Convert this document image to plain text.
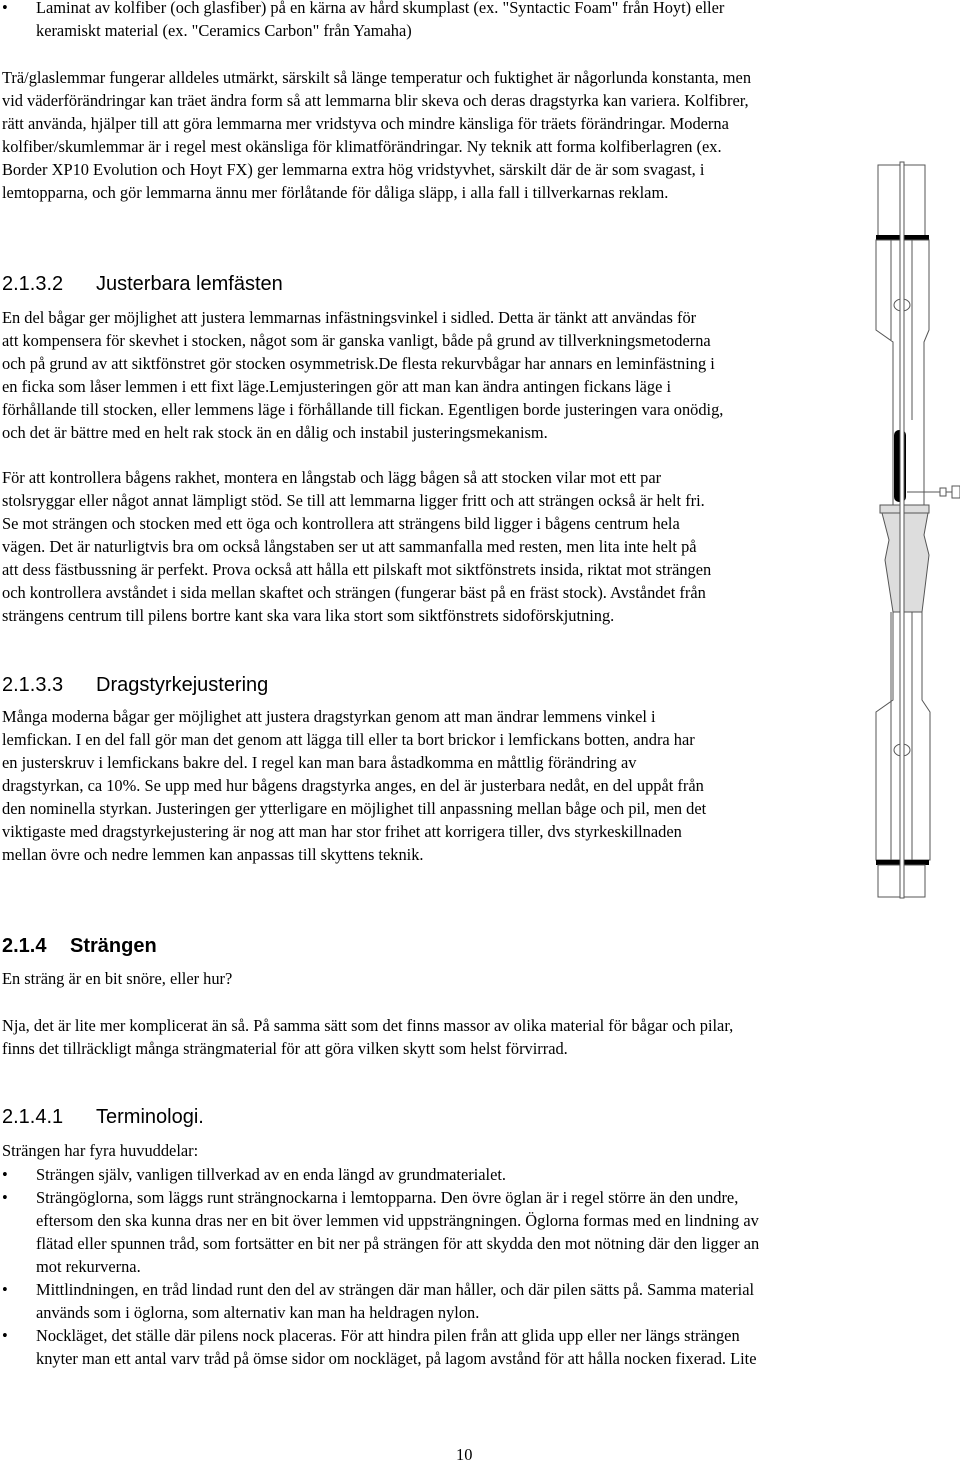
• Laminat av kolfiber (och glasfiber) på en kärna av hård skumplast (ex. "Syntactic Foam" från Hoyt) eller
keramiskt material (ex. "Ceramics Carbon" från Yamaha)
Trä/glaslemmar fungerar alldeles utmärkt, särskilt så länge temperatur och fuktighet är någorlunda konstanta, men
vid väderförändringar kan träet ändra form så att lemmarna blir skeva och deras dragstyrka kan variera. Kolfibrer,
rätt använda, hjälper till att göra lemmarna mer vridstyva och mindre känsliga för träets förändringar. Moderna
kolfiber/skumlemmar är i regel mest okänsliga för klimatförändringar. Ny teknik att forma kolfiberlagren (ex.
Border XP10 Evolution och Hoyt FX) ger lemmarna extra hög vridstyvhet, särskilt där de är som svagast, i
lemtopparna, och gör lemmarna ännu mer förlåtande för dåliga släpp, i alla fall i tillverkarnas reklam.
2.1.3.2 Justerbara lemfästen
En del bågar ger möjlighet att justera lemmarnas infästningsvinkel i sidled. Detta är tänkt att användas för
att kompensera för skevhet i stocken, något som är ganska vanligt, både på grund av tillverkningsmetoderna
och på grund av att siktfönstret gör stocken osymmetrisk.De flesta rekurvbågar har annars en leminfästning i
en ficka som låser lemmen i ett fixt läge.Lemjusteringen gör att man kan ändra antingen fickans läge i
förhållande till stocken, eller lemmens läge i förhållande till fickan. Egentligen borde justeringen vara onödig,
och det är bättre med en helt rak stock än en dålig och instabil justeringsmekanism.
För att kontrollera bågens rakhet, montera en långstab och lägg bågen så att stocken vilar mot ett par
stolsryggar eller något annat lämpligt stöd. Se till att lemmarna ligger fritt och att strängen också är helt fri.
Se mot strängen och stocken med ett öga och kontrollera att strängens bild ligger i bågens centrum hela
vägen. Det är naturligtvis bra om också långstaben ser ut att sammanfalla med resten, men lita inte helt på
att dess fästbussning är perfekt. Prova också att hålla ett pilskaft mot siktfönstrets insida, riktat mot strängen
och kontrollera avståndet i sida mellan skaftet och strängen (fungerar bäst på en fräst stock). Avståndet från
strängens centrum till pilens bortre kant ska vara lika stort som siktfönstrets sidoförskjutning.
2.1.3.3 Dragstyrkejustering
Många moderna bågar ger möjlighet att justera dragstyrkan genom att man ändrar lemmens vinkel i
lemfickan. I en del fall gör man det genom att lägga till eller ta bort brickor i lemfickans botten, andra har
en justerskruv i lemfickans bakre del. I regel kan man bara åstadkomma en måttlig förändring av
dragstyrkan, ca 10%. Se upp med hur bågens dragstyrka anges, en del är justerbara nedåt, en del uppåt från
den nominella styrkan. Justeringen ger ytterligare en möjlighet till anpassning mellan båge och pil, men det
viktigaste med dragstyrkejustering är nog att man har stor frihet att korrigera tiller, dvs styrkeskillnaden
mellan övre och nedre lemmen kan anpassas till skyttens teknik.
2.1.4 Strängen
En sträng är en bit snöre, eller hur?
Nja, det är lite mer komplicerat än så. På samma sätt som det finns massor av olika material för bågar och pilar,
finns det tillräckligt många strängmaterial för att göra vilken skytt som helst förvirrad.
2.1.4.1 Terminologi.
Strängen har fyra huvuddelar:
• Strängen själv, vanligen tillverkad av en enda längd av grundmaterialet.
• Strängöglorna, som läggs runt strängnockarna i lemtopparna. Den övre öglan är i regel större än den undre,
eftersom den ska kunna dras ner en bit över lemmen vid uppsträngningen. Öglorna formas med en lindning av
flätad eller spunnen tråd, som fortsätter en bit ner på strängen för att skydda den mot nötning där den ligger an
mot rekurverna.
• Mittlindningen, en tråd lindad runt den del av strängen där man håller, och där pilen sätts på. Samma material
används som i öglorna, som alternativ kan man ha heldragen nylon.
• Nockläget, det ställe där pilens nock placeras. För att hindra pilen från att glida upp eller ner längs strängen
knyter man ett antal varv tråd på ömse sidor om nockläget, på lagom avstånd för att hålla nocken fixerad. Lite
10
